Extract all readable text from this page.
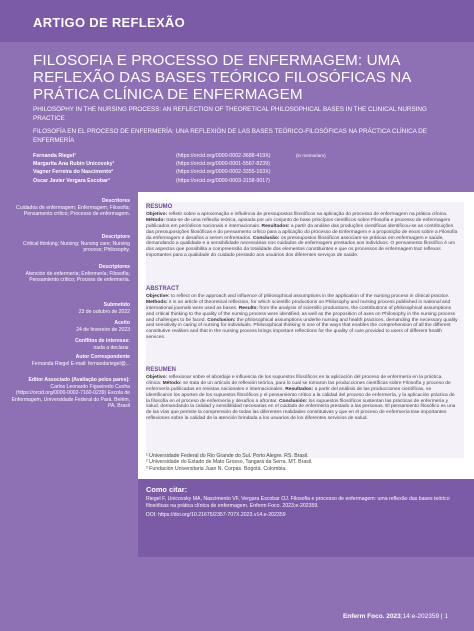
ARTIGO DE REFLEXÃO
FILOSOFIA E PROCESSO DE ENFERMAGEM: UMA REFLEXÃO DAS BASES TEÓRICO FILOSÓFICAS NA PRÁTICA CLÍNICA DE ENFERMAGEM
PHILOSOPHY IN THE NURSING PROCESS: AN REFLECTION OF THEORETICAL PHILOSOPHICAL BASES IN THE CLINICAL NURSING PRACTICE
FILOSOFÍA EN EL PROCESO DE ENFERMERÍA: UNA REFLEXIÓN DE LAS BASES TEÓRICO-FILOSÓFICAS NA PRÁCTICA CLÍNICA DE ENFERMERÍA
Fernanda Riegel¹	(https://orcid.org/0000-0002-3688-419X)	(in memoriam)
Margarita Ana Rubin Unicovsky¹	(https://orcid.org/0000-0001-5567-8239)
Vagner Ferreira do Nascimento²	(https://orcid.org/0000-0002-3355-163X)
Oscar Javier Vergara Escobar³	(https://orcid.org/0000-0003-3158-9017)
Descritores
Cuidados de enfermagem; Enfermagem; Filosofia; Pensamento crítico; Processo de enfermagem.
Descriptors
Critical thinking; Nursing; Nursing care; Nursing process; Philosophy.
Descriptores
Atención de enfermería; Enfermería; Filosofía; Pensamiento crítico; Proceso de enfermería.
Submetido
23 de outubro de 2022
Aceito
24 de fevereiro de 2023
Conflitos de interesse:
nada a declarar.
Autor Correspondente
Fernanda Riegel E-mail: fernandariegel@...
Editor Associado (Avaliação pelos pares):
Carlos Leonardo Figueiredo Cunha (https://orcid.org/0000-0002-7160-0239) Escola de Enfermagem, Universidade Federal do Pará. Belém, PA, Brasil
RESUMO
Objetivo: refletir sobre a aproximação e influência de pressupostos filosóficos na aplicação do processo de enfermagem na prática clínica. Método: trata-se de uma reflexão teórica, apoiada por um conjunto de base princípios científicos sobre Filosofia e processo de enfermagem publicados em periódicos nacionais e internacionais. Resultados: a partir da análise das produções científicas identificou-se as contribuições das pressuposições filosóficas e do pensamento crítico para a aplicação do processo de Enfermagem e a proposição de eixos sobre a Filosofia da enfermagem e desafios a serem enfrentados. Conclusão: os pressupostos filosóficos associam-se práticas em enfermagem e saúde, demandando a qualidade e a sensibilidade necessárias nos cuidados de enfermagem prestados aos indivíduos. O pensamento filosófico é um dos aspectos que possibilita a compreensão da totalidade dos elementos constituintes e que os processos de enfermagem traz reflexos importantes para a qualidade do cuidado prestado aos usuários dos diferentes serviços de saúde.
ABSTRACT
Objective: to reflect on the approach and influence of philosophical assumptions in the application of the nursing process in clinical practice. Methods: it is an article of theoretical reflection, for which scientific productions on Philosophy and nursing process published in national and international journals were used as bases. Results: from the analysis of scientific productions, the contributions of philosophical assumptions and critical thinking to the quality of the nursing process were identified, as well as the proposition of axes on Philosophy in the nursing process and challenges to be faced. Conclusion: the philosophical assumptions underlie nursing and health practices, demanding the necessary quality and sensitivity in caring of nursing for individuals. Philosophical thinking is one of the ways that enables the comprehension of all the different constitutive realities and that in the nursing process brings important reflections for the quality of care provided to users of different health services.
RESUMEN
Objetivo: reflexionar sobre el abordaje e influencia de los supuestos filosóficos en la aplicación del proceso de enfermería en la práctica clínica. Método: se trata de un artículo de reflexión teórica, para lo cual se tomaron las producciones científicas sobre Filosofía y proceso de enfermería publicadas en revistas nacionales e internacionales. Resultados: a partir del análisis de las producciones científicas, se identificaron los aportes de los supuestos filosóficos y el pensamiento crítico a la calidad del proceso de enfermería, y la aplicación práctica de la filosofía en el proceso de enfermería y desafíos a afrontar. Conclusión: los supuestos filosóficos sustentan las prácticas de enfermería y salud, demandando la calidad y sensibilidad necesarias en el cuidado de enfermería prestado a las personas. El pensamiento filosófico es una de las vías que permite la comprensión de todas las diferentes realidades constitutivas y que en el proceso de enfermería trae importantes reflexiones sobre la calidad de la atención brindada a los usuarios de los diferentes servicios de salud.
¹ Universidade Federal do Rio Grande do Sul. Porto Alegre. RS. Brasil.
² Universidade do Estado de Mato Grosso, Tangará da Serra. MT. Brasil.
³ Fundación Universitaria Juan N. Corpas. Bogotá. Colombia.
Como citar:
Riegel F, Unicovsky MA, Nascimento VF, Vergara Escobar OJ. Filosofia e processo de enfermagem: uma reflexão das bases teórico filosóficas na prática clínica de enfermagem. Enferm Foco. 2023;e-202359.
DOI: https://doi.org/10.21675/2357-707X.2023.v14.e-202359
Enferm Foco. 2023;14:e-202359 | 1
